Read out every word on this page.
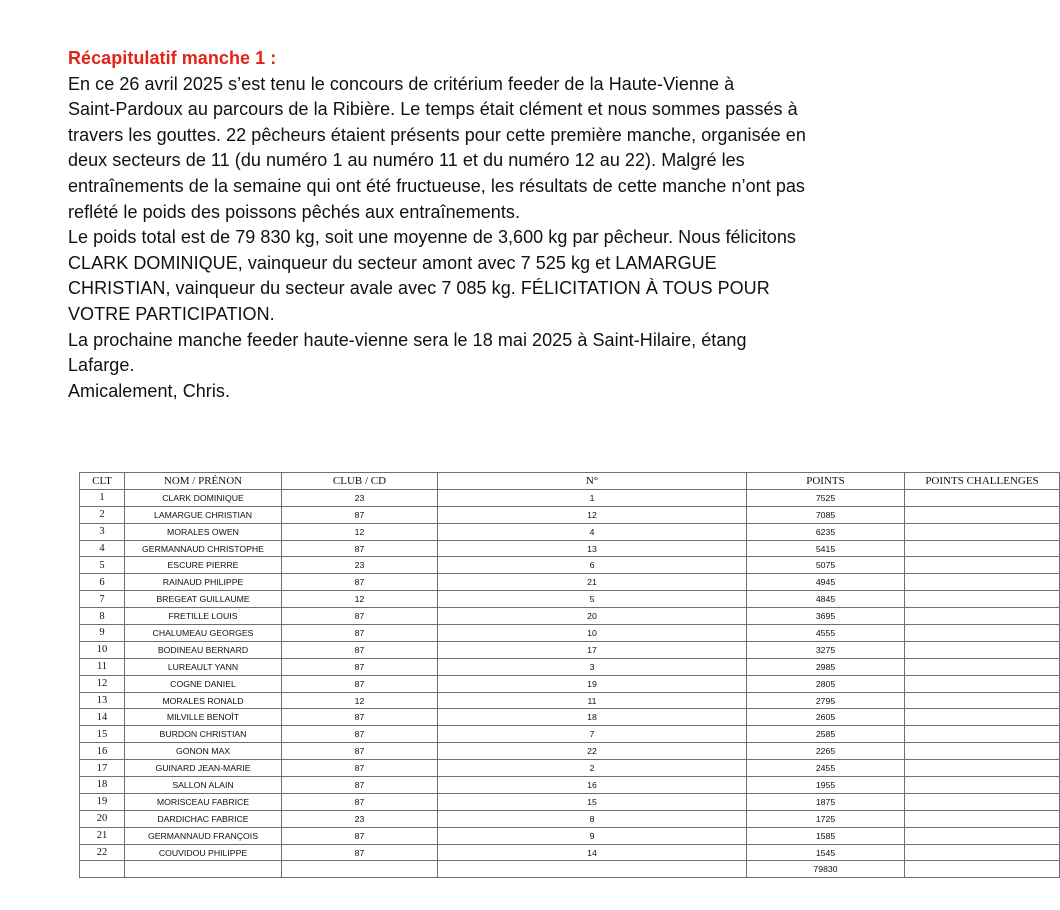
Récapitulatif manche 1 :

En ce 26 avril 2025 s’est tenu le concours de critérium feeder de la Haute-Vienne à

Saint-Pardoux au parcours de la Ribière. Le temps était clément et nous sommes passés à

travers les gouttes. 22 pêcheurs étaient présents pour cette première manche, organisée en

deux secteurs de 11 (du numéro 1 au numéro 11 et du numéro 12 au 22). Malgré les

entraînements de la semaine qui ont été fructueuse, les résultats de cette manche n’ont pas

reflété le poids des poissons pêchés aux entraînements.

Le poids total est de 79 830 kg, soit une moyenne de 3,600 kg par pêcheur. Nous félicitons

CLARK DOMINIQUE, vainqueur du secteur amont avec 7 525 kg et LAMARGUE

CHRISTIAN, vainqueur du secteur avale avec 7 085 kg. FÉLICITATION À TOUS POUR

VOTRE PARTICIPATION.

La prochaine manche feeder haute-vienne sera le 18 mai 2025 à Saint-Hilaire, étang

Lafarge.

Amicalement, Chris.

CLT	NOM / PRÉNON	CLUB / CD	N°	POINTS	POINTS CHALLENGES
1	CLARK DOMINIQUE	23	1	7525	
2	LAMARGUE CHRISTIAN	87	12	7085	
3	MORALES OWEN	12	4	6235	
4	GERMANNAUD CHRISTOPHE	87	13	5415	
5	ESCURE PIERRE	23	6	5075	
6	RAINAUD PHILIPPE	87	21	4945	
7	BREGEAT GUILLAUME	12	5	4845	
8	FRETILLE LOUIS	87	20	3695	
9	CHALUMEAU GEORGES	87	10	4555	
10	BODINEAU BERNARD	87	17	3275	
11	LUREAULT YANN	87	3	2985	
12	COGNE DANIEL	87	19	2805	
13	MORALES RONALD	12	11	2795	
14	MILVILLE BENOÎT	87	18	2605	
15	BURDON CHRISTIAN	87	7	2585	
16	GONON MAX	87	22	2265	
17	GUINARD JEAN-MARIE	87	2	2455	
18	SALLON ALAIN	87	16	1955	
19	MORISCEAU FABRICE	87	15	1875	
20	DARDICHAC FABRICE	23	8	1725	
21	GERMANNAUD FRANÇOIS	87	9	1585	
22	COUVIDOU PHILIPPE	87	14	1545	
				79830	
